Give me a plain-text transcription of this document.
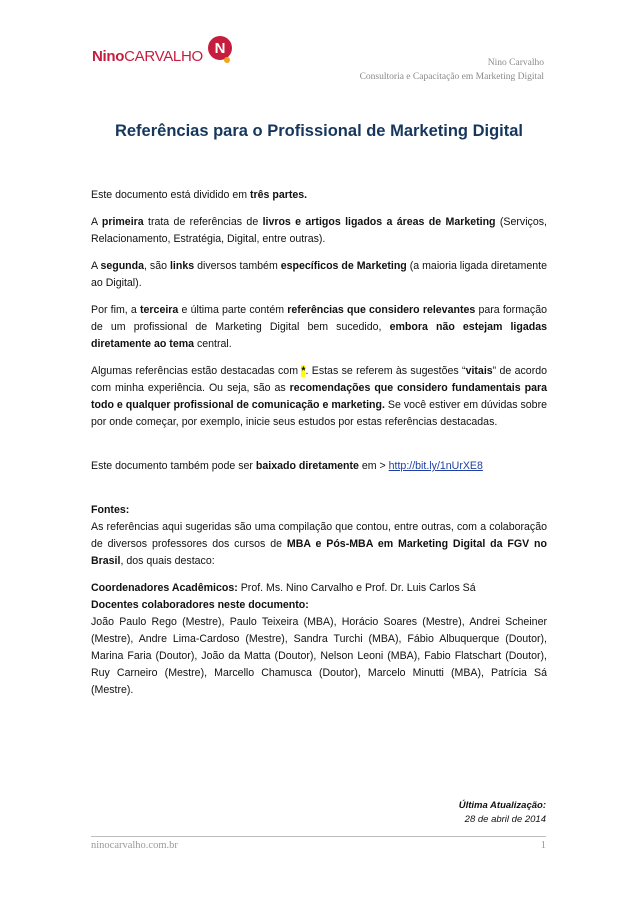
NinoCARVALHO N
Nino Carvalho
Consultoria e Capacitação em Marketing Digital
Referências para o Profissional de Marketing Digital

Este documento está dividido em três partes.

A primeira trata de referências de livros e artigos ligados a áreas de Marketing (Serviços, Relacionamento, Estratégia, Digital, entre outras).

A segunda, são links diversos também específicos de Marketing (a maioria ligada diretamente ao Digital).

Por fim, a terceira e última parte contém referências que considero relevantes para formação de um profissional de Marketing Digital bem sucedido, embora não estejam ligadas diretamente ao tema central.

Algumas referências estão destacadas com *. Estas se referem às sugestões “vitais” de acordo com minha experiência. Ou seja, são as recomendações que considero fundamentais para todo e qualquer profissional de comunicação e marketing. Se você estiver em dúvidas sobre por onde começar, por exemplo, inicie seus estudos por estas referências destacadas.

Este documento também pode ser baixado diretamente em > http://bit.ly/1nUrXE8

Fontes:
As referências aqui sugeridas são uma compilação que contou, entre outras, com a colaboração de diversos professores dos cursos de MBA e Pós-MBA em Marketing Digital da FGV no Brasil, dos quais destaco:

Coordenadores Acadêmicos: Prof. Ms. Nino Carvalho e Prof. Dr. Luis Carlos Sá
Docentes colaboradores neste documento:
João Paulo Rego (Mestre), Paulo Teixeira (MBA), Horácio Soares (Mestre), Andrei Scheiner (Mestre), Andre Lima-Cardoso (Mestre), Sandra Turchi (MBA), Fábio Albuquerque (Doutor), Marina Faria (Doutor), João da Matta (Doutor), Nelson Leoni (MBA), Fabio Flatschart (Doutor), Ruy Carneiro (Mestre), Marcello Chamusca (Doutor), Marcelo Minutti (MBA), Patrícia Sá (Mestre).

Última Atualização:
28 de abril de 2014
ninocarvalho.com.br	1
